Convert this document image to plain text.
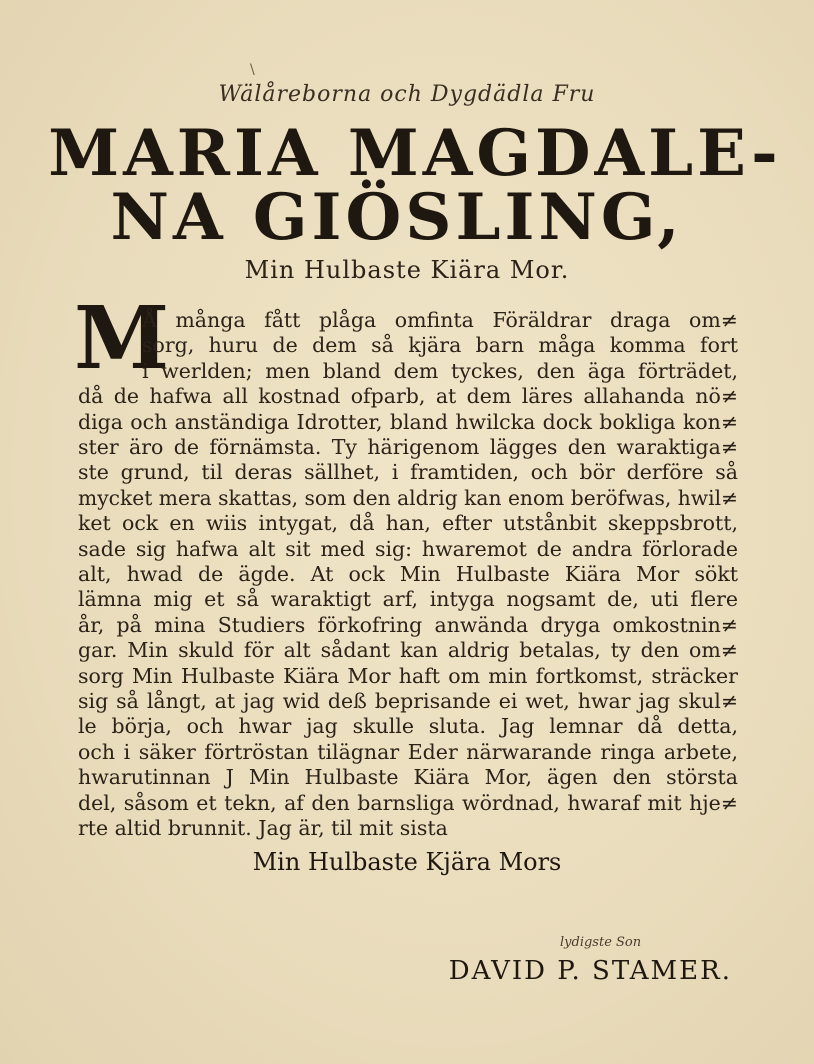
\
Wälåreborna och Dygdädla Fru
MARIA MAGDALE-
NA GIÖSLING,
Min Hulbaste Kiära Mor.
M
Å många fått plåga omfinta Föräldrar draga om≠
sorg, huru de dem så kjära barn måga komma fort
i werlden; men bland dem tyckes, den äga förträdet,
då de hafwa all kostnad ofparb, at dem läres allahanda nö≠
diga och anständiga Idrotter, bland hwilcka dock bokliga kon≠
ster äro de förnämsta. Ty härigenom lägges den waraktiga≠
ste grund, til deras sällhet, i framtiden, och bör derföre så
mycket mera skattas, som den aldrig kan enom beröfwas, hwil≠
ket ock en wiis intygat, då han, efter utstånbit skeppsbrott,
sade sig hafwa alt sit med sig: hwaremot de andra förlorade
alt, hwad de ägde. At ock Min Hulbaste Kiära Mor sökt
lämna mig et så waraktigt arf, intyga nogsamt de, uti flere
år, på mina Studiers förkofring anwända dryga omkostnin≠
gar. Min skuld för alt sådant kan aldrig betalas, ty den om≠
sorg Min Hulbaste Kiära Mor haft om min fortkomst, sträcker
sig så långt, at jag wid deß beprisande ei wet, hwar jag skul≠
le börja, och hwar jag skulle sluta. Jag lemnar då detta,
och i säker förtröstan tilägnar Eder närwarande ringa arbete,
hwarutinnan J Min Hulbaste Kiära Mor, ägen den största
del, såsom et tekn, af den barnsliga wördnad, hwaraf mit hje≠
rte altid brunnit. Jag är, til mit sista
Min Hulbaste Kjära Mors
lydigste Son
DAVID P. STAMER.
